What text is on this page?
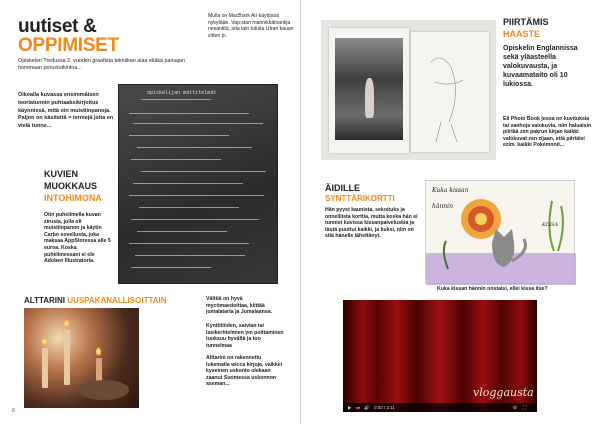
uutiset &
OPPIMISET
Opiskelen Tredussa 2. vuoden graafista tekniikan alaa eliäkä painajan hommaan perustutkintoa...
Mulla on MacBook Air käytössä nykytään. Vap:stan mannikkätvantija nesäntitä, jota lain tutuita Utran kauan zitten jo.
Oikealla kuvassa ensimmäisen teoriatunnin puhtaaksikirjoitus käynnissä, mitä oin muistiinpanoja. Paljon on käsitettä = termejä joita en vielä tunne...
opiskelijan mättitelmät
KUVIEN
MUOKKAUS
INTOHIMONA
Otin puhelimella kuvan zirusta, jolla oli muistiinpanon ja käytin Carbo sovellusta, joka maksaa AppStoressa alle 5 euroa. Koska puhelimessani ei ole Adoben Illustratoria.
ALTTARINI UUSPAKANALLISOITTAIN	Välttiä on hyvä mycömaedoittaa, kiittää jumalatarta ja Jumalaansa.
Kynttilöiden, saivian tai lasikerhtelmien ym poittaminen tuoksuu hyvältä ja tuo tunnelmaa
Alttarini on rakennettu lukemalla wicca kirjoja, vaikkei kyseinen uskonto olekaan zaanut Suomessa uskonnon aseman...
6
PIIRTÄMIS
HAASTE
Opiskelin Englannissa sekä yläasteella valokuvausta, ja kuvaamataito oli 10 lukiossa.
Eli Photo Book jossa on kuvituksia tai vanhoja valokuvia, niin haluaisin piirtää zen pakrun kirjan kaikki valokuvat zen zijaan, että piirtäisi ezim. kaikki Pokémonit...
ÄIDILLE
SYNTTÄRIKORTTI
Hän pyyst kaunista, sekoituks ja onnelliista korttia, mutta koska hän ei tunnist kuvissa kissanpalveluskia ja tästä puuttui kaikki, ja kuksi, niin on sitä hänelle lähettänyt.
Kuka kissan
hännin
KISSA
Kuka kissan hännin nostaisi, ellei kissa itse?
vloggausta
▶ ⏭ 🔊 0:00 / 2:11	⚙ ⛶
